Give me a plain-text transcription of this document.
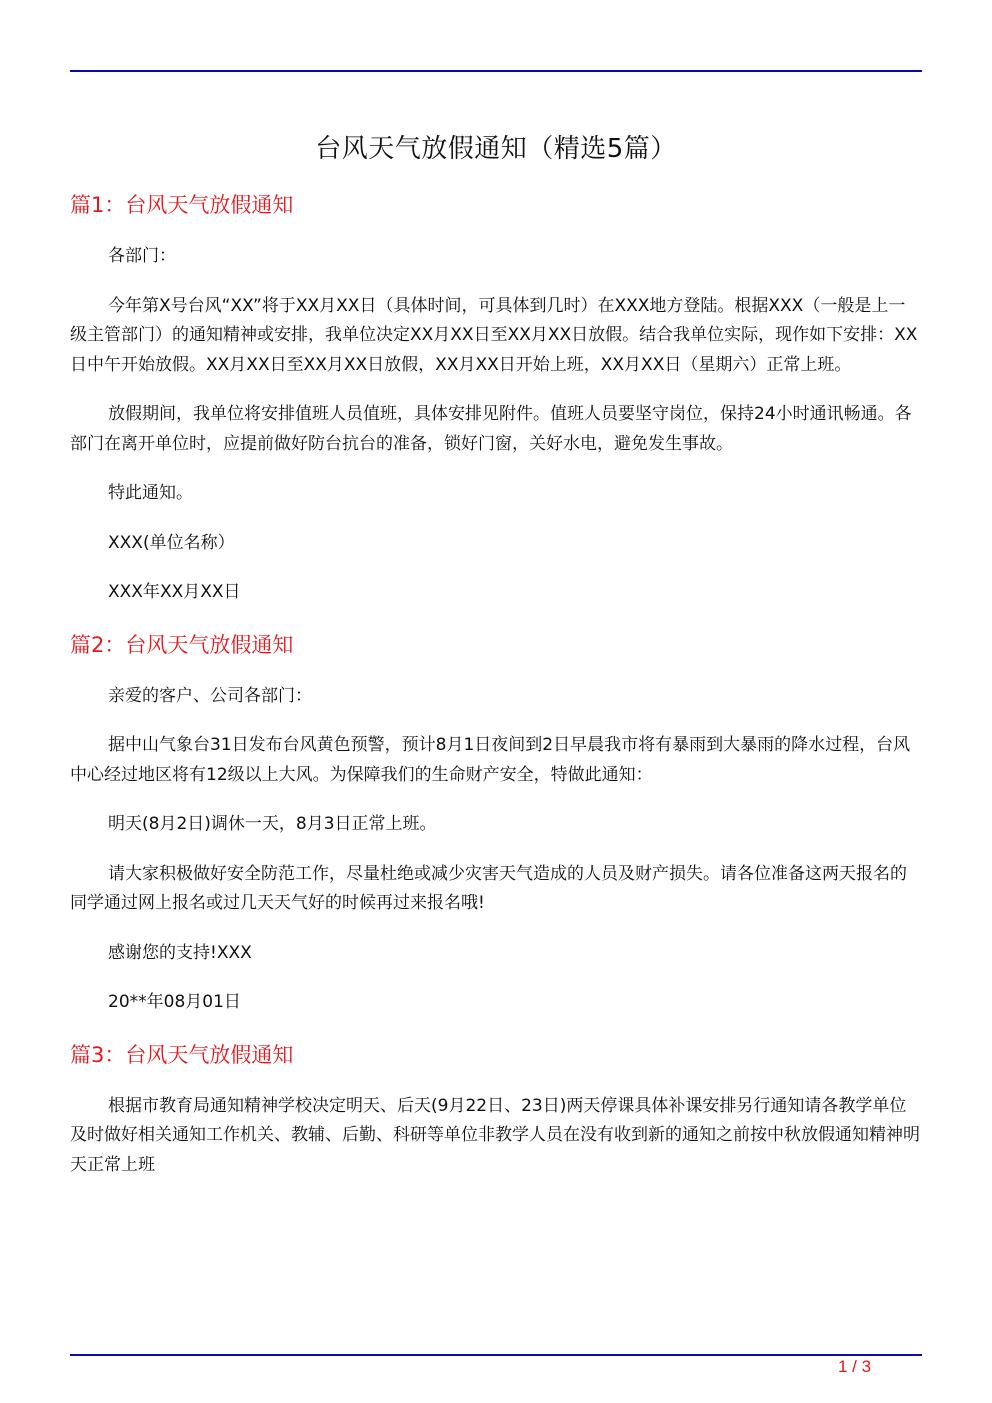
台风天气放假通知（精选5篇）
篇1：台风天气放假通知

各部门：

今年第X号台风“XX”将于XX月XX日（具体时间，可具体到几时）在XXX地方登陆。根据XXX（一般是上一级主管部门）的通知精神或安排，我单位决定XX月XX日至XX月XX日放假。结合我单位实际，现作如下安排：XX日中午开始放假。XX月XX日至XX月XX日放假，XX月XX日开始上班，XX月XX日（星期六）正常上班。

放假期间，我单位将安排值班人员值班，具体安排见附件。值班人员要坚守岗位，保持24小时通讯畅通。各部门在离开单位时，应提前做好防台抗台的准备，锁好门窗，关好水电，避免发生事故。

特此通知。

XXX(单位名称）

XXX年XX月XX日

篇2：台风天气放假通知

亲爱的客户、公司各部门：

据中山气象台31日发布台风黄色预警，预计8月1日夜间到2日早晨我市将有暴雨到大暴雨的降水过程，台风中心经过地区将有12级以上大风。为保障我们的生命财产安全，特做此通知：

明天(8月2日)调休一天，8月3日正常上班。

请大家积极做好安全防范工作，尽量杜绝或减少灾害天气造成的人员及财产损失。请各位准备这两天报名的同学通过网上报名或过几天天气好的时候再过来报名哦!

感谢您的支持!XXX

20**年08月01日

篇3：台风天气放假通知

根据市教育局通知精神学校决定明天、后天(9月22日、23日)两天停课具体补课安排另行通知请各教学单位及时做好相关通知工作机关、教辅、后勤、科研等单位非教学人员在没有收到新的通知之前按中秋放假通知精神明天正常上班

1 / 3
